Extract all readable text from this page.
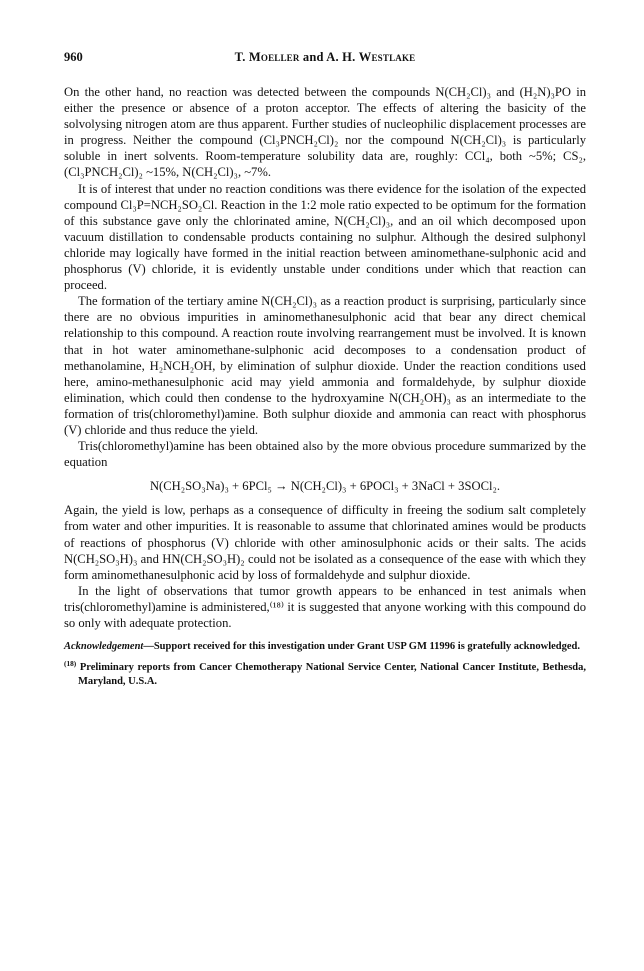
960	T. Moeller and A. H. Westlake

On the other hand, no reaction was detected between the compounds N(CH₂Cl)₃ and (H₂N)₃PO in either the presence or absence of a proton acceptor. The effects of altering the basicity of the solvolysing nitrogen atom are thus apparent. Further studies of nucleophilic displacement processes are in progress. Neither the compound (Cl₃PNCH₂Cl)₂ nor the compound N(CH₂Cl)₃ is particularly soluble in inert solvents. Room-temperature solubility data are, roughly: CCl₄, both ~5%; CS₂, (Cl₃PNCH₂Cl)₂ ~15%, N(CH₂Cl)₃, ~7%.

It is of interest that under no reaction conditions was there evidence for the isolation of the expected compound Cl₃P=NCH₂SO₂Cl. Reaction in the 1:2 mole ratio expected to be optimum for the formation of this substance gave only the chlorinated amine, N(CH₂Cl)₃, and an oil which decomposed upon vacuum distillation to condensable products containing no sulphur. Although the desired sulphonyl chloride may logically have formed in the initial reaction between aminomethane-sulphonic acid and phosphorus (V) chloride, it is evidently unstable under conditions under which that reaction can proceed.

The formation of the tertiary amine N(CH₂Cl)₃ as a reaction product is surprising, particularly since there are no obvious impurities in aminomethanesulphonic acid that bear any direct chemical relationship to this compound. A reaction route involving rearrangement must be involved. It is known that in hot water aminomethane-sulphonic acid decomposes to a condensation product of methanolamine, H₂NCH₂OH, by elimination of sulphur dioxide. Under the reaction conditions used here, amino-methanesulphonic acid may yield ammonia and formaldehyde, by sulphur dioxide elimination, which could then condense to the hydroxyamine N(CH₂OH)₃ as an intermediate to the formation of tris(chloromethyl)amine. Both sulphur dioxide and ammonia can react with phosphorus (V) chloride and thus reduce the yield.

Tris(chloromethyl)amine has been obtained also by the more obvious procedure summarized by the equation

N(CH₂SO₃Na)₃ + 6PCl₅ → N(CH₂Cl)₃ + 6POCl₃ + 3NaCl + 3SOCl₂.

Again, the yield is low, perhaps as a consequence of difficulty in freeing the sodium salt completely from water and other impurities. It is reasonable to assume that chlorinated amines would be products of reactions of phosphorus (V) chloride with other aminosulphonic acids or their salts. The acids N(CH₂SO₃H)₃ and HN(CH₂SO₃H)₂ could not be isolated as a consequence of the ease with which they form aminomethanesulphonic acid by loss of formaldehyde and sulphur dioxide.

In the light of observations that tumor growth appears to be enhanced in test animals when tris(chloromethyl)amine is administered,⁽¹⁸⁾ it is suggested that anyone working with this compound do so only with adequate protection.

Acknowledgement—Support received for this investigation under Grant USP GM 11996 is gratefully acknowledged.
$^{(18)}$ Preliminary reports from Cancer Chemotherapy National Service Center, National Cancer Institute, Bethesda, Maryland, U.S.A.
